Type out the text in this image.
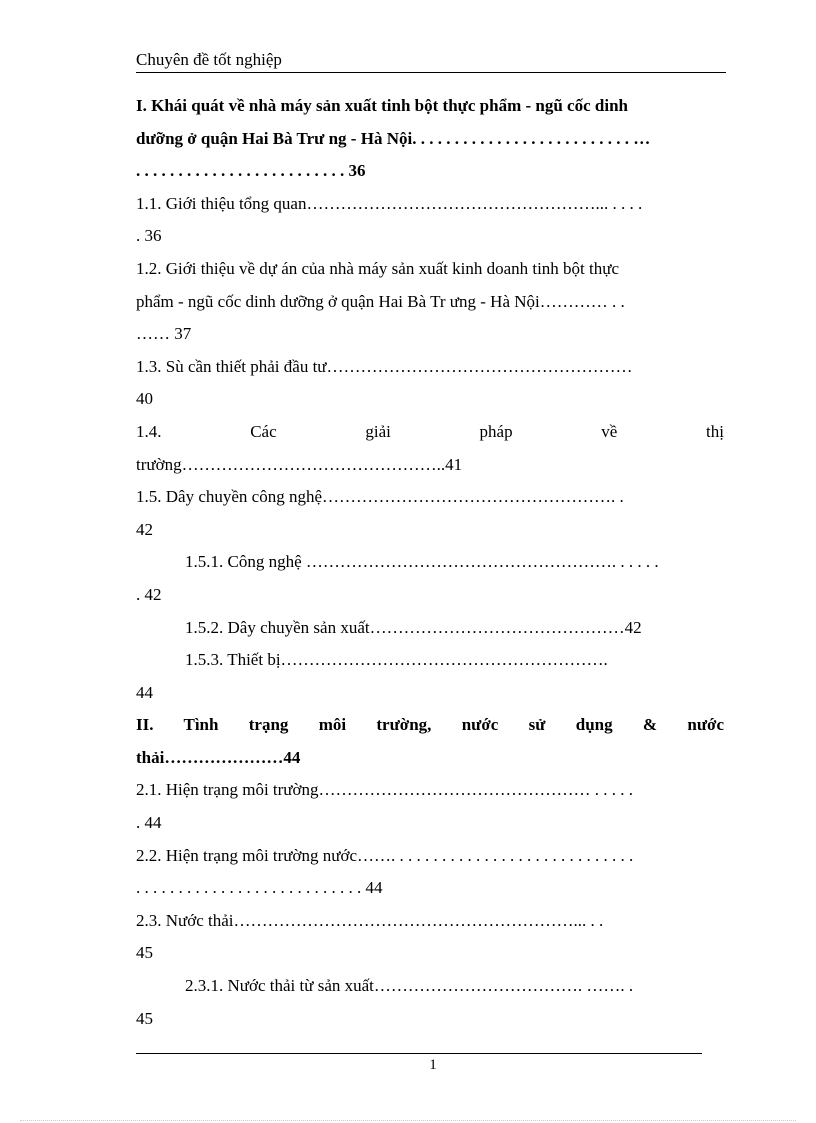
Chuyên đề tốt nghiệp
I. Khái quát về nhà máy sản xuất tinh bột thực phẩm - ngũ cốc dinh
dưỡng ở quận Hai Bà Trư ng - Hà Nội. . . . . . . . . . . . . . . . . . . . . . . . . . …
. . . . . . . . . . . . . . . . . . . . . . . . . 36
1.1. Giới thiệu tổng quan……………………………………………... . . . .
. 36
1.2. Giới thiệu về dự án của nhà máy sản xuất kinh doanh tinh bột thực
phẩm - ngũ cốc dinh dưỡng ở quận Hai Bà Tr ưng - Hà Nội………… . .
…… 37
1.3. Sù cần thiết phải đầu tư………………………………………………
40
1.4. Các giải pháp về thị
trường………………………………………..41
1.5. Dây chuyền công nghệ……………………………………………. .
42
1.5.1. Công nghệ ………………………………………………. . . . . .
. 42
1.5.2. Dây chuyền sản xuất………………………………………42
1.5.3. Thiết bị………………………………………………….
44
II. Tình trạng môi trường, nước sử dụng & nước
thải…………………44
2.1. Hiện trạng môi trường………………………………………… . . . . .
. 44
2.2. Hiện trạng môi trường nước……. . . . . . . . . . . . . . . . . . . . . . . . . . . . .
. . . . . . . . . . . . . . . . . . . . . . . . . . . 44
2.3. Nước thải……………………………………………………... . .
45
2.3.1. Nước thải từ sản xuất………………………………. ……. .
45
1
